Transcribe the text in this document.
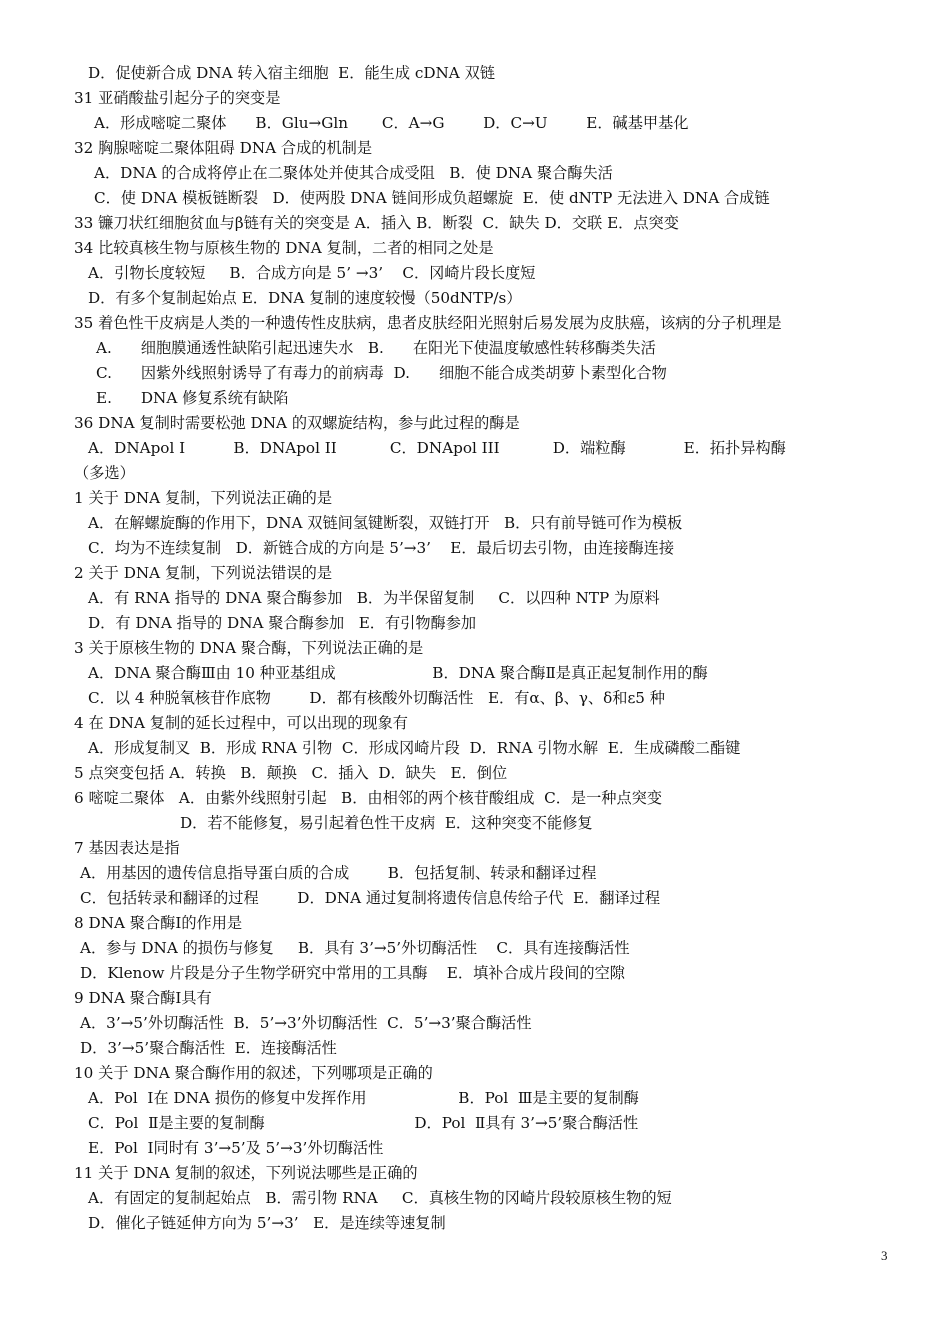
D．促使新合成 DNA 转入宿主细胞  E．能生成 cDNA 双链
31 亚硝酸盐引起分子的突变是
A．形成嘧啶二聚体      B．Glu→Gln       C．A→G        D．C→U        E．碱基甲基化
32 胸腺嘧啶二聚体阻碍 DNA 合成的机制是
A．DNA 的合成将停止在二聚体处并使其合成受阻   B．使 DNA 聚合酶失活
C．使 DNA 模板链断裂   D．使两股 DNA 链间形成负超螺旋  E．使 dNTP 无法进入 DNA 合成链
33 镰刀状红细胞贫血与β链有关的突变是 A．插入 B．断裂  C．缺失 D．交联 E．点突变
34 比较真核生物与原核生物的 DNA 复制，二者的相同之处是
A．引物长度较短     B．合成方向是 5’ →3’    C．冈崎片段长度短
D．有多个复制起始点 E．DNA 复制的速度较慢（50dNTP/s）
35 着色性干皮病是人类的一种遗传性皮肤病，患者皮肤经阳光照射后易发展为皮肤癌，该病的分子机理是
A.      细胞膜通透性缺陷引起迅速失水   B.      在阳光下使温度敏感性转移酶类失活
C.      因紫外线照射诱导了有毒力的前病毒  D.      细胞不能合成类胡萝卜素型化合物
E.      DNA 修复系统有缺陷
36 DNA 复制时需要松弛 DNA 的双螺旋结构，参与此过程的酶是
A．DNApol I          B．DNApol II           C．DNApol III           D．端粒酶            E．拓扑异构酶
（多选）
1 关于 DNA 复制，下列说法正确的是
A．在解螺旋酶的作用下，DNA 双链间氢键断裂，双链打开   B．只有前导链可作为模板
C．均为不连续复制   D．新链合成的方向是 5’→3’    E．最后切去引物，由连接酶连接
2 关于 DNA 复制，下列说法错误的是
A．有 RNA 指导的 DNA 聚合酶参加   B．为半保留复制     C．以四种 NTP 为原料
D．有 DNA 指导的 DNA 聚合酶参加   E．有引物酶参加
3 关于原核生物的 DNA 聚合酶，下列说法正确的是
A．DNA 聚合酶Ⅲ由 10 种亚基组成                    B．DNA 聚合酶Ⅱ是真正起复制作用的酶
C．以 4 种脱氧核苷作底物        D．都有核酸外切酶活性   E．有α、β、γ、δ和ε5 种
4 在 DNA 复制的延长过程中，可以出现的现象有
A．形成复制叉  B．形成 RNA 引物  C．形成冈崎片段  D．RNA 引物水解  E．生成磷酸二酯键
5 点突变包括 A．转换   B．颠换   C．插入  D．缺失   E．倒位
6 嘧啶二聚体   A．由紫外线照射引起   B．由相邻的两个核苷酸组成  C．是一种点突变
D．若不能修复，易引起着色性干皮病  E．这种突变不能修复
7 基因表达是指
A．用基因的遗传信息指导蛋白质的合成        B．包括复制、转录和翻译过程
C．包括转录和翻译的过程        D．DNA 通过复制将遗传信息传给子代  E．翻译过程
8 DNA 聚合酶Ⅰ的作用是
A．参与 DNA 的损伤与修复     B．具有 3’→5’外切酶活性    C．具有连接酶活性
D．Klenow 片段是分子生物学研究中常用的工具酶    E．填补合成片段间的空隙
9 DNA 聚合酶Ⅰ具有
A．3’→5’外切酶活性  B．5’→3’外切酶活性  C．5’→3’聚合酶活性
D．3’→5’聚合酶活性  E．连接酶活性
10 关于 DNA 聚合酶作用的叙述，下列哪项是正确的
A．Pol  Ⅰ在 DNA 损伤的修复中发挥作用                   B．Pol  Ⅲ是主要的复制酶
C．Pol  Ⅱ是主要的复制酶                               D．Pol  Ⅱ具有 3’→5’聚合酶活性
E．Pol  Ⅰ同时有 3’→5’及 5’→3’外切酶活性
11 关于 DNA 复制的叙述，下列说法哪些是正确的
A．有固定的复制起始点   B．需引物 RNA     C．真核生物的冈崎片段较原核生物的短
D．催化子链延伸方向为 5’→3’   E．是连续等速复制
3
